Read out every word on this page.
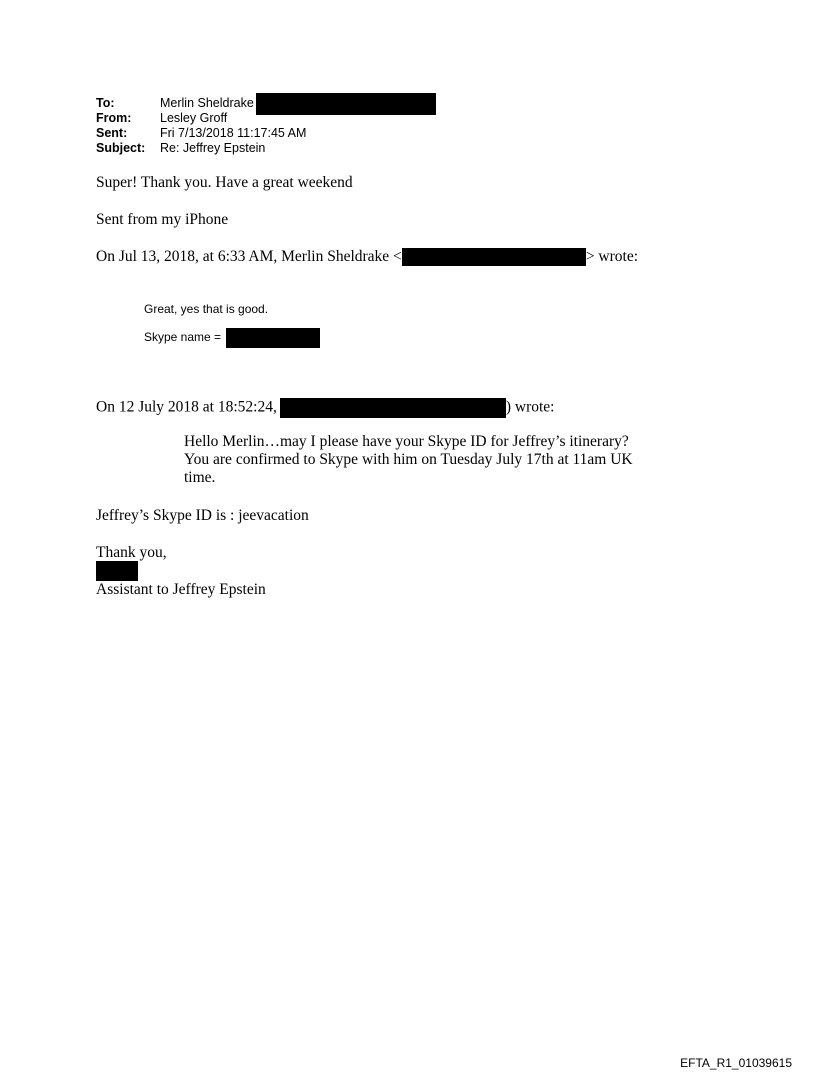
To:	Merlin Sheldrake
From:	Lesley Groff
Sent:	Fri 7/13/2018 11:17:45 AM
Subject:	Re: Jeffrey Epstein
Super! Thank you. Have a great weekend
Sent from my iPhone
On Jul 13, 2018, at 6:33 AM, Merlin Sheldrake <	> wrote:
Great, yes that is good.
Skype name =
On 12 July 2018 at 18:52:24,	) wrote:
Hello Merlin…may I please have your Skype ID for Jeffrey’s itinerary? You are confirmed to Skype with him on Tuesday July 17th at 11am UK time.
Jeffrey’s Skype ID is : jeevacation
Thank you,
Assistant to Jeffrey Epstein
EFTA_R1_01039615
